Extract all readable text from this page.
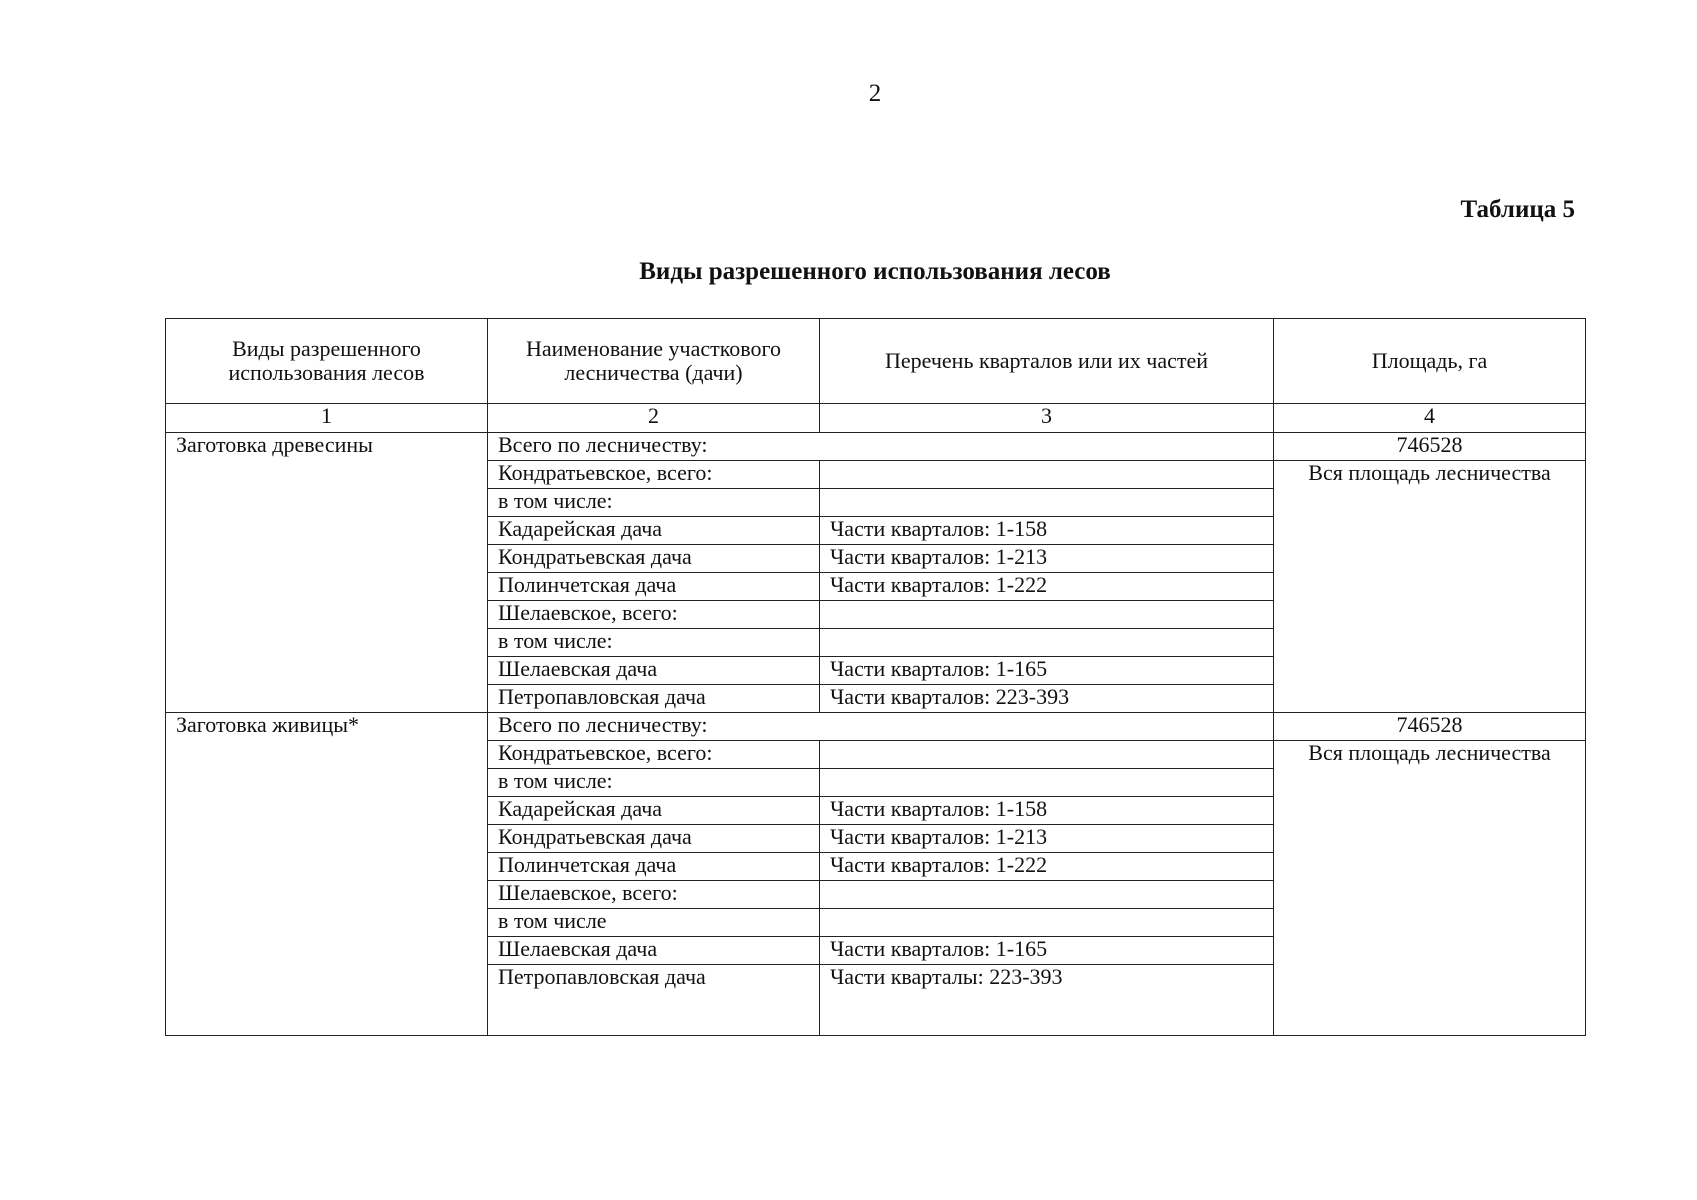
2
Таблица 5
Виды разрешенного использования лесов
Виды разрешенного использования лесов	Наименование участкового лесничества (дачи)	Перечень кварталов или их частей	Площадь, га
1	2	3	4
Заготовка древесины	Всего по лесничеству:		746528
	Кондратьевское, всего:		Вся площадь лесничества
	в том числе:		
	Кадарейская дача	Части кварталов: 1-158	
	Кондратьевская дача	Части кварталов: 1-213	
	Полинчетская дача	Части кварталов: 1-222	
	Шелаевское, всего:		
	в том числе:		
	Шелаевская дача	Части кварталов: 1-165	
	Петропавловская дача	Части кварталов: 223-393	
Заготовка живицы*	Всего по лесничеству:		746528
	Кондратьевское, всего:		Вся площадь лесничества
	в том числе:		
	Кадарейская дача	Части кварталов: 1-158	
	Кондратьевская дача	Части кварталов: 1-213	
	Полинчетская дача	Части кварталов: 1-222	
	Шелаевское, всего:		
	в том числе		
	Шелаевская дача	Части кварталов: 1-165	
	Петропавловская дача	Части кварталы: 223-393	
